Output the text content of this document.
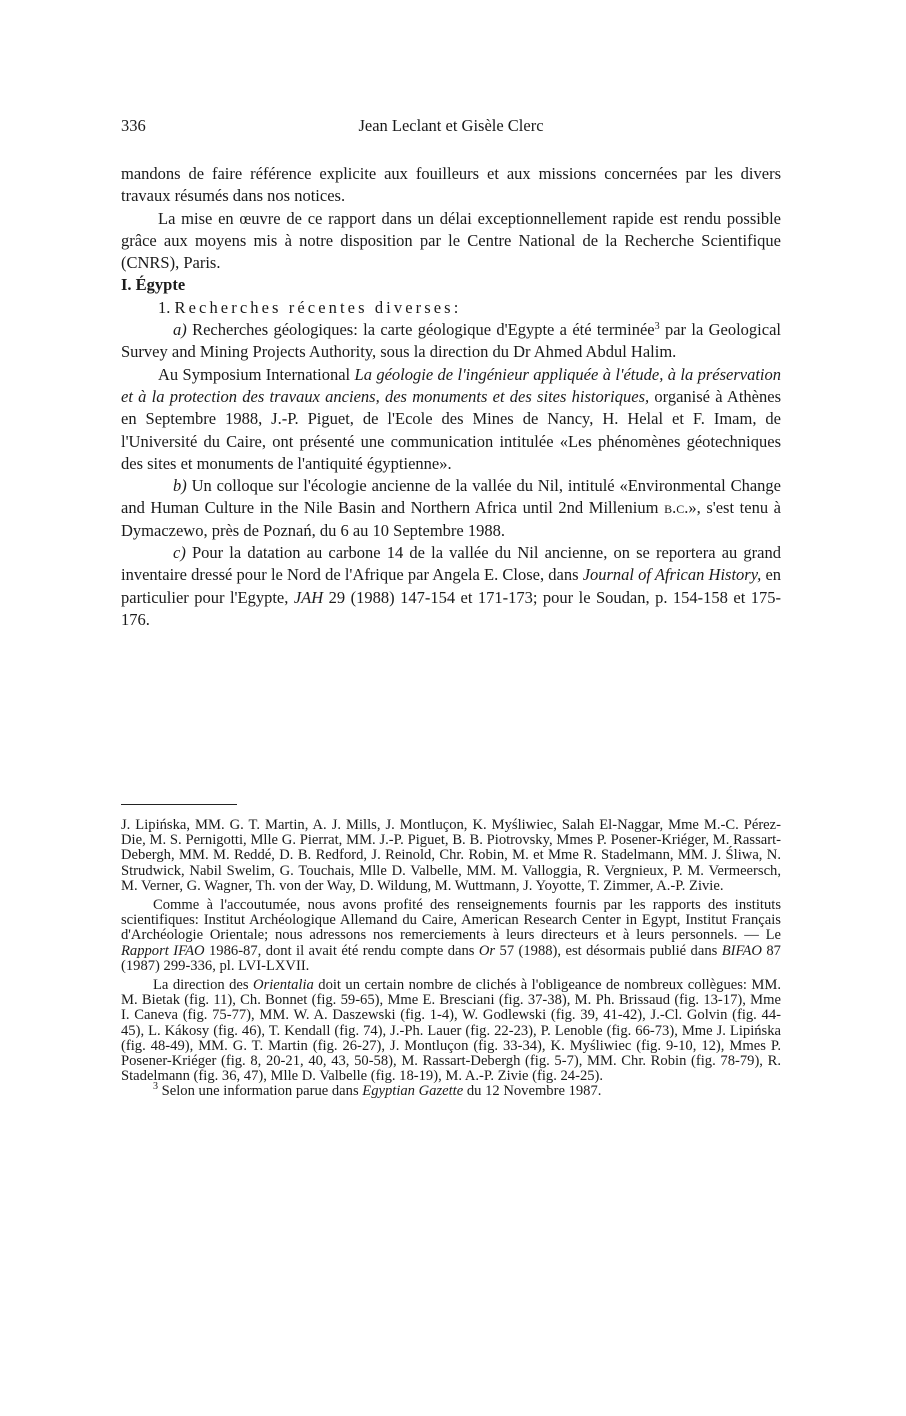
336	Jean Leclant et Gisèle Clerc

mandons de faire référence explicite aux fouilleurs et aux missions concernées par les divers travaux résumés dans nos notices.

La mise en œuvre de ce rapport dans un délai exceptionnellement rapide est rendu possible grâce aux moyens mis à notre disposition par le Centre National de la Recherche Scientifique (CNRS), Paris.

I. Égypte

1. Recherches récentes diverses:

a) Recherches géologiques: la carte géologique d'Egypte a été terminée$^3$ par la Geological Survey and Mining Projects Authority, sous la direction du Dr Ahmed Abdul Halim.

Au Symposium International La géologie de l'ingénieur appliquée à l'étude, à la préservation et à la protection des travaux anciens, des monuments et des sites historiques, organisé à Athènes en Septembre 1988, J.-P. Piguet, de l'Ecole des Mines de Nancy, H. Helal et F. Imam, de l'Université du Caire, ont présenté une communication intitulée «Les phénomènes géotechniques des sites et monuments de l'antiquité égyptienne».

b) Un colloque sur l'écologie ancienne de la vallée du Nil, intitulé «Environmental Change and Human Culture in the Nile Basin and Northern Africa until 2nd Millenium b.c.», s'est tenu à Dymaczewo, près de Poznań, du 6 au 10 Septembre 1988.

c) Pour la datation au carbone 14 de la vallée du Nil ancienne, on se reportera au grand inventaire dressé pour le Nord de l'Afrique par Angela E. Close, dans Journal of African History, en particulier pour l'Egypte, JAH 29 (1988) 147-154 et 171-173; pour le Soudan, p. 154-158 et 175-176.

J. Lipińska, MM. G. T. Martin, A. J. Mills, J. Montluçon, K. Myśliwiec, Salah El-Naggar, Mme M.-C. Pérez-Die, M. S. Pernigotti, Mlle G. Pierrat, MM. J.-P. Piguet, B. B. Piotrovsky, Mmes P. Posener-Kriéger, M. Rassart-Debergh, MM. M. Reddé, D. B. Redford, J. Reinold, Chr. Robin, M. et Mme R. Stadelmann, MM. J. Śliwa, N. Strudwick, Nabil Swelim, G. Touchais, Mlle D. Valbelle, MM. M. Valloggia, R. Vergnieux, P. M. Vermeersch, M. Verner, G. Wagner, Th. von der Way, D. Wildung, M. Wuttmann, J. Yoyotte, T. Zimmer, A.-P. Zivie.

Comme à l'accoutumée, nous avons profité des renseignements fournis par les rapports des instituts scientifiques: Institut Archéologique Allemand du Caire, American Research Center in Egypt, Institut Français d'Archéologie Orientale; nous adressons nos remerciements à leurs directeurs et à leurs personnels. — Le Rapport IFAO 1986-87, dont il avait été rendu compte dans Or 57 (1988), est désormais publié dans BIFAO 87 (1987) 299-336, pl. LVI-LXVII.

La direction des Orientalia doit un certain nombre de clichés à l'obligeance de nombreux collègues: MM. M. Bietak (fig. 11), Ch. Bonnet (fig. 59-65), Mme E. Bresciani (fig. 37-38), M. Ph. Brissaud (fig. 13-17), Mme I. Caneva (fig. 75-77), MM. W. A. Daszewski (fig. 1-4), W. Godlewski (fig. 39, 41-42), J.-Cl. Golvin (fig. 44-45), L. Kákosy (fig. 46), T. Kendall (fig. 74), J.-Ph. Lauer (fig. 22-23), P. Lenoble (fig. 66-73), Mme J. Lipińska (fig. 48-49), MM. G. T. Martin (fig. 26-27), J. Montluçon (fig. 33-34), K. Myśliwiec (fig. 9-10, 12), Mmes P. Posener-Kriéger (fig. 8, 20-21, 40, 43, 50-58), M. Rassart-Debergh (fig. 5-7), MM. Chr. Robin (fig. 78-79), R. Stadelmann (fig. 36, 47), Mlle D. Valbelle (fig. 18-19), M. A.-P. Zivie (fig. 24-25).

$^3$ Selon une information parue dans Egyptian Gazette du 12 Novembre 1987.
